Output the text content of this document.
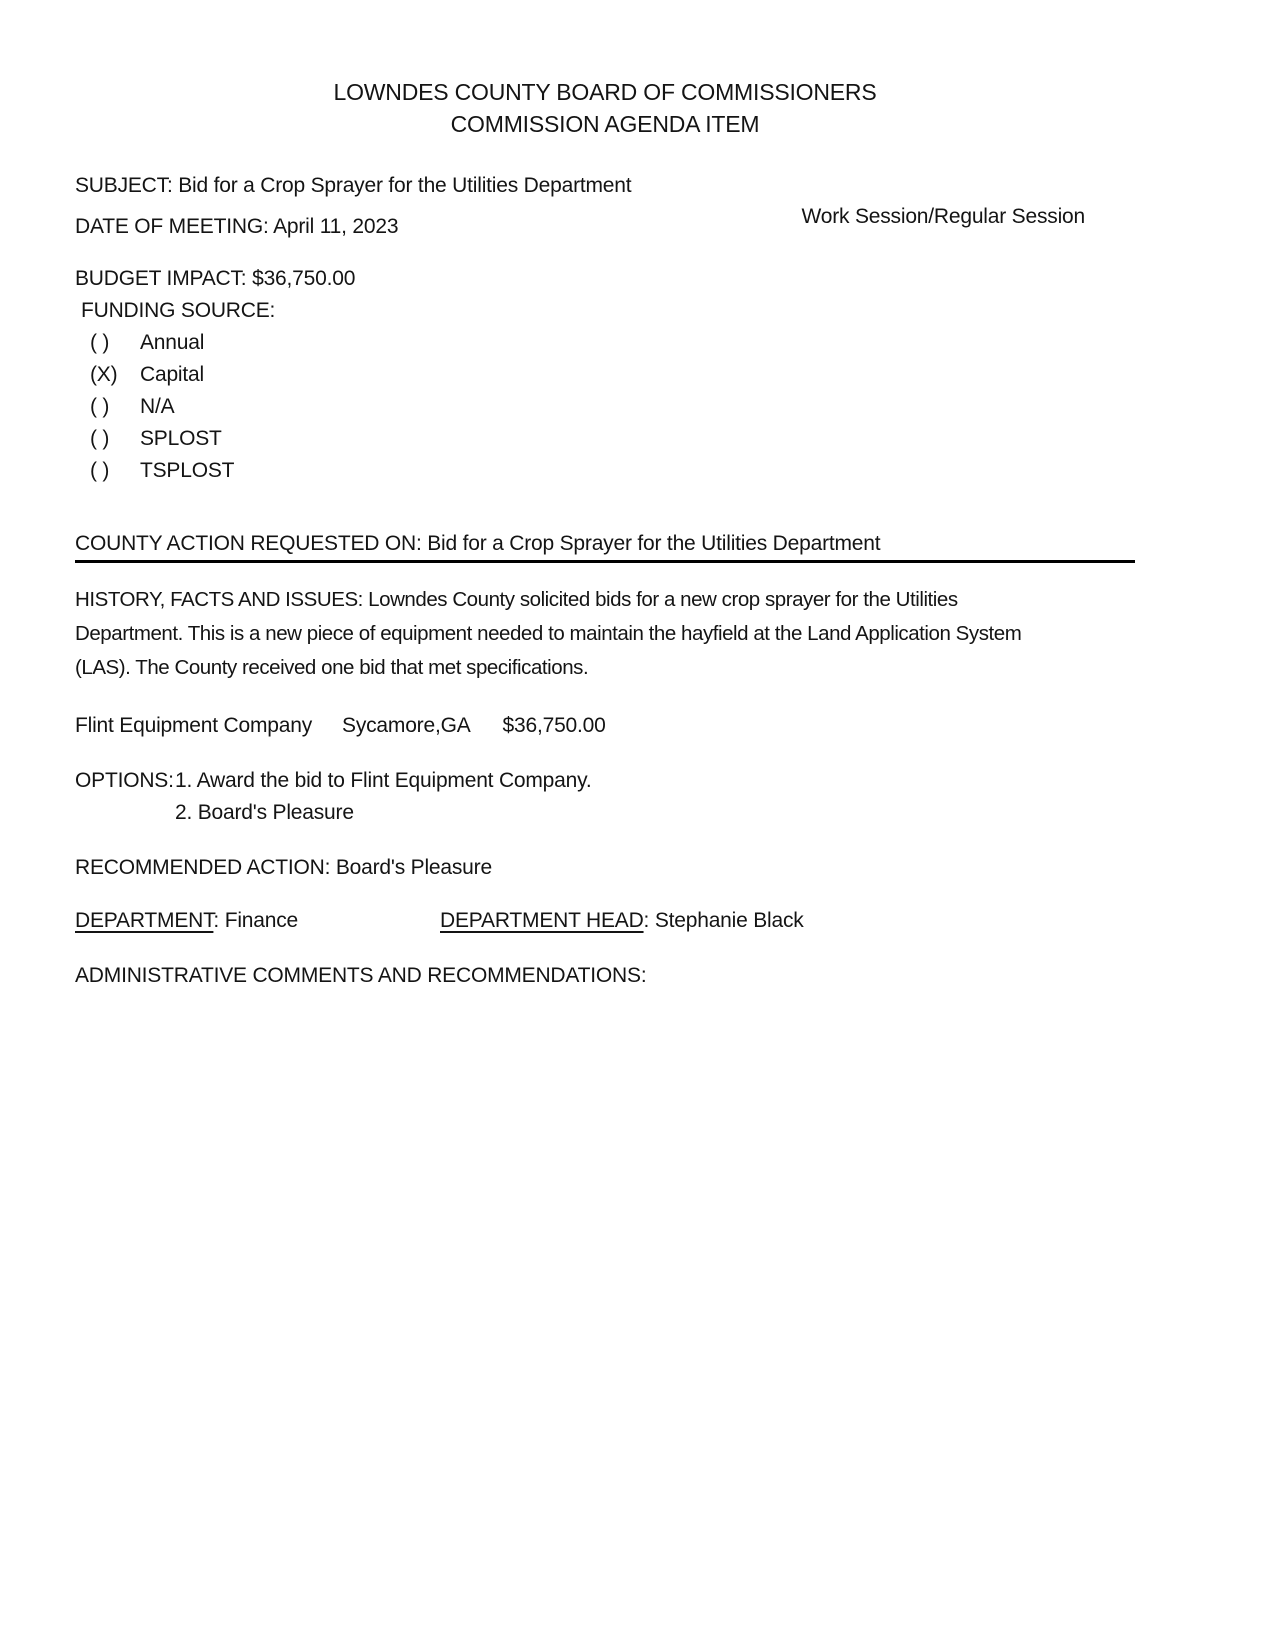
LOWNDES COUNTY BOARD OF COMMISSIONERS
COMMISSION AGENDA ITEM

SUBJECT: Bid for a Crop Sprayer for the Utilities Department

DATE OF MEETING: April 11, 2023	Work Session/Regular Session

BUDGET IMPACT: $36,750.00

FUNDING SOURCE:

( ) Annual
(X) Capital
( ) N/A
( ) SPLOST
( ) TSPLOST

COUNTY ACTION REQUESTED ON: Bid for a Crop Sprayer for the Utilities Department

HISTORY, FACTS AND ISSUES: Lowndes County solicited bids for a new crop sprayer for the Utilities
Department. This is a new piece of equipment needed to maintain the hayfield at the Land Application System
(LAS). The County received one bid that met specifications.

Flint Equipment Company Sycamore,GA $36,750.00

OPTIONS: 1. Award the bid to Flint Equipment Company.
2. Board's Pleasure

RECOMMENDED ACTION: Board's Pleasure

DEPARTMENT: Finance	DEPARTMENT HEAD: Stephanie Black

ADMINISTRATIVE COMMENTS AND RECOMMENDATIONS:
